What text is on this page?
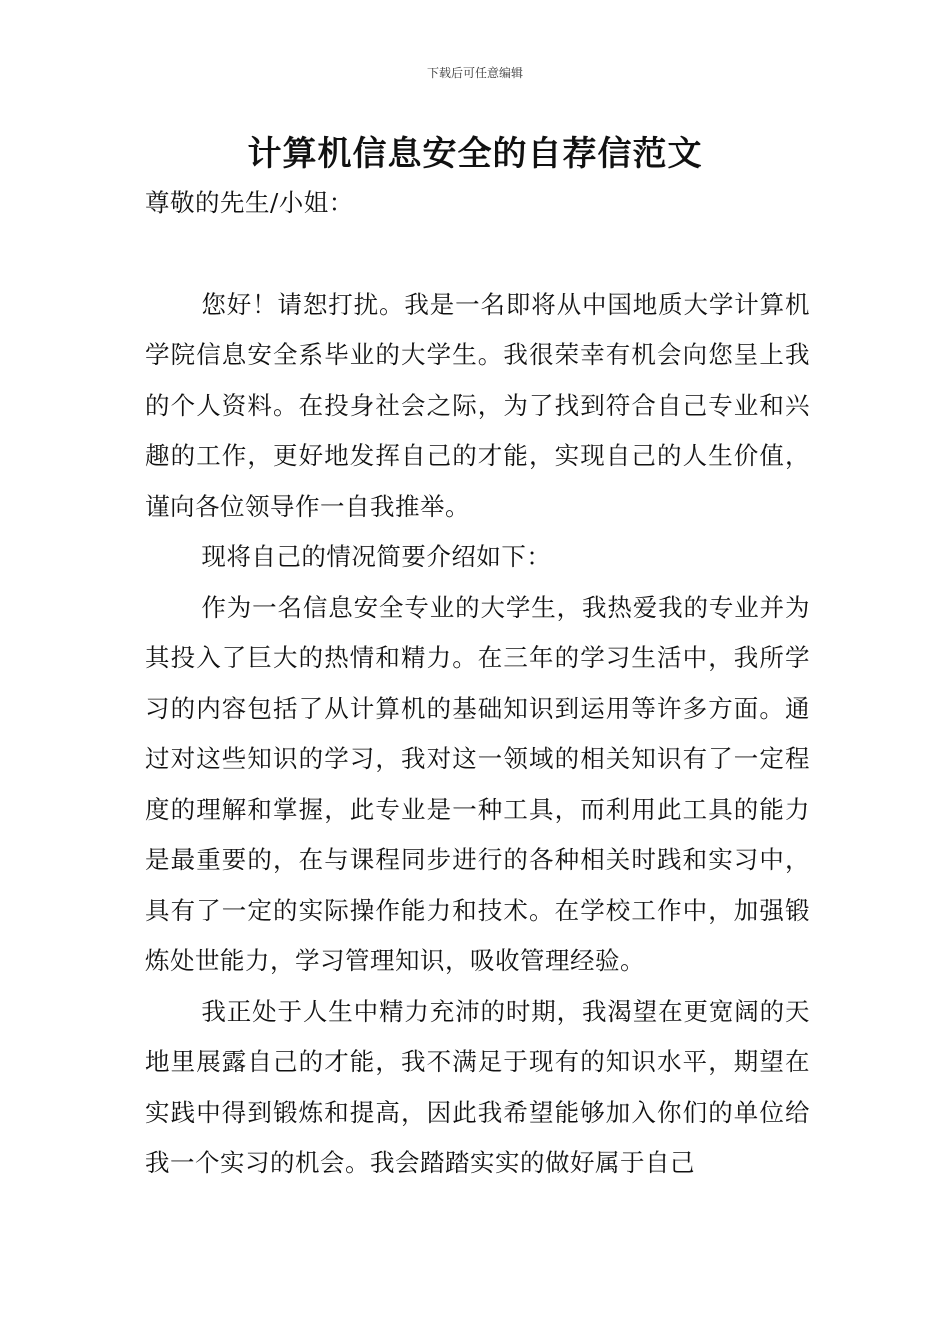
下载后可任意编辑
计算机信息安全的自荐信范文

尊敬的先生/小姐：

您好！请恕打扰。我是一名即将从中国地质大学计算机学院信息安全系毕业的大学生。我很荣幸有机会向您呈上我的个人资料。在投身社会之际，为了找到符合自己专业和兴趣的工作，更好地发挥自己的才能，实现自己的人生价值，谨向各位领导作一自我推举。

现将自己的情况简要介绍如下：

作为一名信息安全专业的大学生，我热爱我的专业并为其投入了巨大的热情和精力。在三年的学习生活中，我所学习的内容包括了从计算机的基础知识到运用等许多方面。通过对这些知识的学习，我对这一领域的相关知识有了一定程度的理解和掌握，此专业是一种工具，而利用此工具的能力是最重要的，在与课程同步进行的各种相关时践和实习中，具有了一定的实际操作能力和技术。在学校工作中，加强锻炼处世能力，学习管理知识，吸收管理经验。

我正处于人生中精力充沛的时期，我渴望在更宽阔的天地里展露自己的才能，我不满足于现有的知识水平，期望在实践中得到锻炼和提高，因此我希望能够加入你们的单位给我一个实习的机会。我会踏踏实实的做好属于自己
